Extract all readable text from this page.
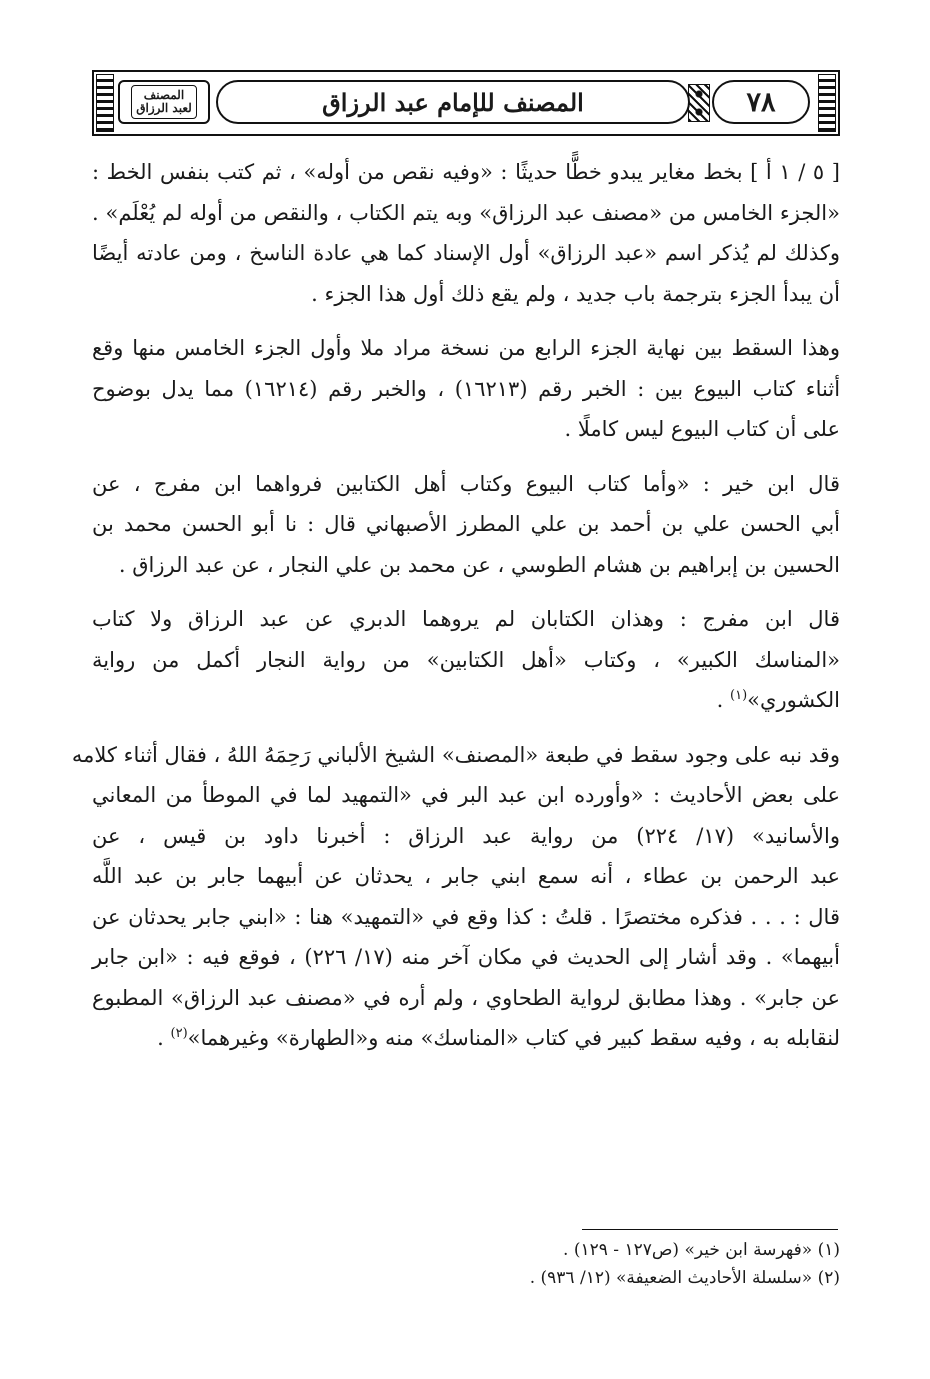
٧٨
المصنف للإمام عبد الرزاق
المصنف
لعبد الرزاق

[ ٥ / ١ أ ] بخط مغاير يبدو خطًّا حديثًا : «وفيه نقص من أوله» ، ثم كتب بنفس الخط :
«الجزء الخامس من «مصنف عبد الرزاق» وبه يتم الكتاب ، والنقص من أوله لم يُعْلَم» .
وكذلك لم يُذكر اسم «عبد الرزاق» أول الإسناد كما هي عادة الناسخ ، ومن عادته أيضًا
أن يبدأ الجزء بترجمة باب جديد ، ولم يقع ذلك أول هذا الجزء .

وهذا السقط بين نهاية الجزء الرابع من نسخة مراد ملا وأول الجزء الخامس منها وقع
أثناء كتاب البيوع بين : الخبر رقم (١٦٢١٣) ، والخبر رقم (١٦٢١٤) مما يدل بوضوح
على أن كتاب البيوع ليس كاملًا .

قال ابن خير : «وأما كتاب البيوع وكتاب أهل الكتابين فرواهما ابن مفرج ، عن
أبي الحسن علي بن أحمد بن علي المطرز الأصبهاني قال : نا أبو الحسن محمد بن
الحسين بن إبراهيم بن هشام الطوسي ، عن محمد بن علي النجار ، عن عبد الرزاق .

قال ابن مفرج : وهذان الكتابان لم يروهما الدبري عن عبد الرزاق ولا كتاب
«المناسك الكبير» ، وكتاب «أهل الكتابين» من رواية النجار أكمل من رواية
الكشوري»$^{(١)}$ .

وقد نبه على وجود سقط في طبعة «المصنف» الشيخ الألباني رَحِمَهُ اللهُ ، فقال أثناء كلامه
على بعض الأحاديث : «وأورده ابن عبد البر في «التمهيد لما في الموطأ من المعاني
والأسانيد» (١٧/ ٢٢٤) من رواية عبد الرزاق : أخبرنا داود بن قيس ، عن
عبد الرحمن بن عطاء ، أنه سمع ابني جابر ، يحدثان عن أبيهما جابر بن عبد اللَّه
قال : . . . فذكره مختصرًا . قلتُ : كذا وقع في «التمهيد» هنا : «ابني جابر يحدثان عن
أبيهما» . وقد أشار إلى الحديث في مكان آخر منه (١٧/ ٢٢٦) ، فوقع فيه : «ابن جابر
عن جابر» . وهذا مطابق لرواية الطحاوي ، ولم أره في «مصنف عبد الرزاق» المطبوع
لنقابله به ، وفيه سقط كبير في كتاب «المناسك» منه و«الطهارة» وغيرهما»$^{(٢)}$ .

(١) «فهرسة ابن خير» (ص١٢٧ - ١٢٩) .

(٢) «سلسلة الأحاديث الضعيفة» (١٢/ ٩٣٦) .
